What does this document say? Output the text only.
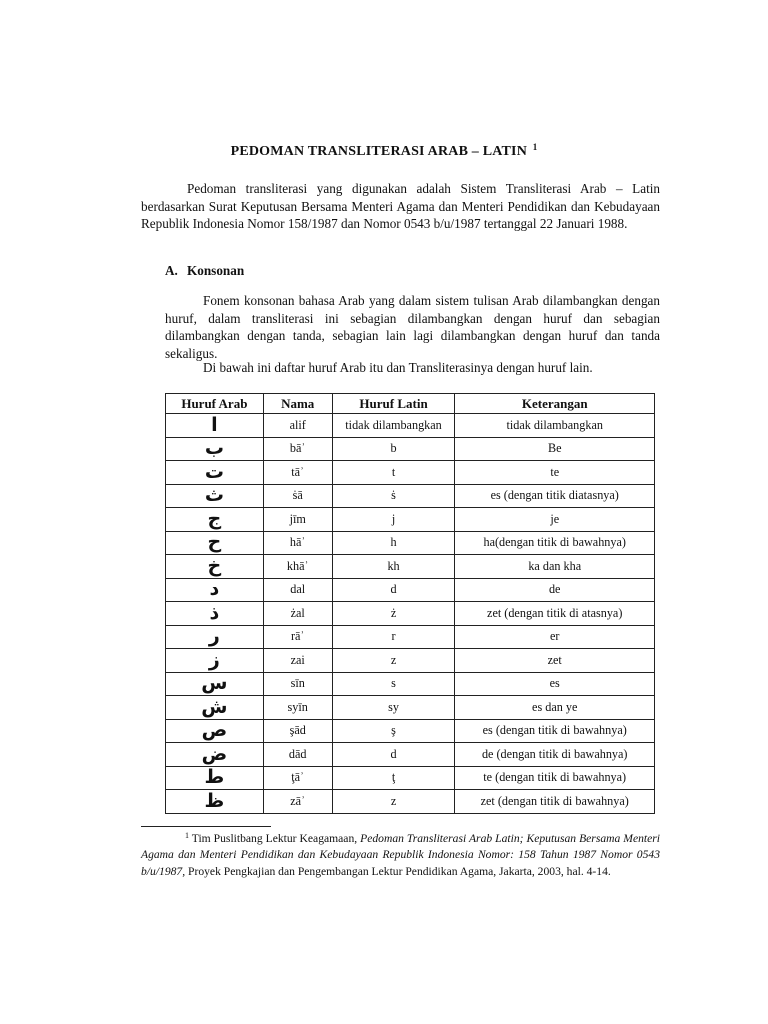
PEDOMAN TRANSLITERASI ARAB – LATIN $^1$
Pedoman transliterasi yang digunakan adalah Sistem Transliterasi Arab – Latin berdasarkan Surat Keputusan Bersama Menteri Agama dan Menteri Pendidikan dan Kebudayaan Republik Indonesia Nomor 158/1987 dan Nomor 0543 b/u/1987 tertanggal 22 Januari 1988.
A. Konsonan
Fonem konsonan bahasa Arab yang dalam sistem tulisan Arab dilambangkan dengan huruf, dalam transliterasi ini sebagian dilambangkan dengan huruf dan sebagian dilambangkan dengan tanda, sebagian lain lagi dilambangkan dengan huruf dan tanda sekaligus.
Di bawah ini daftar huruf Arab itu dan Transliterasinya dengan huruf lain.
Huruf Arab	Nama	Huruf Latin	Keterangan
ا	alif	tidak dilambangkan	tidak dilambangkan
ب	bāʾ	b	Be
ت	tāʾ	t	te
ث	ṡā	ṡ	es (dengan titik diatasnya)
ج	jīm	j	je
ح	hāʾ	h	ha(dengan titik di bawahnya)
خ	khāʾ	kh	ka dan kha
د	dal	d	de
ذ	żal	ż	zet (dengan titik di atasnya)
ر	rāʾ	r	er
ز	zai	z	zet
س	sīn	s	es
ش	syīn	sy	es dan ye
ص	şād	ş	es (dengan titik di bawahnya)
ض	dād	d	de (dengan titik di bawahnya)
ط	ţāʾ	ţ	te (dengan titik di bawahnya)
ظ	zāʾ	z	zet (dengan titik di bawahnya)
$^1$ Tim Puslitbang Lektur Keagamaan, Pedoman Transliterasi Arab Latin; Keputusan Bersama Menteri Agama dan Menteri Pendidikan dan Kebudayaan Republik Indonesia Nomor: 158 Tahun 1987 Nomor 0543 b/u/1987, Proyek Pengkajian dan Pengembangan Lektur Pendidikan Agama, Jakarta, 2003, hal. 4-14.
